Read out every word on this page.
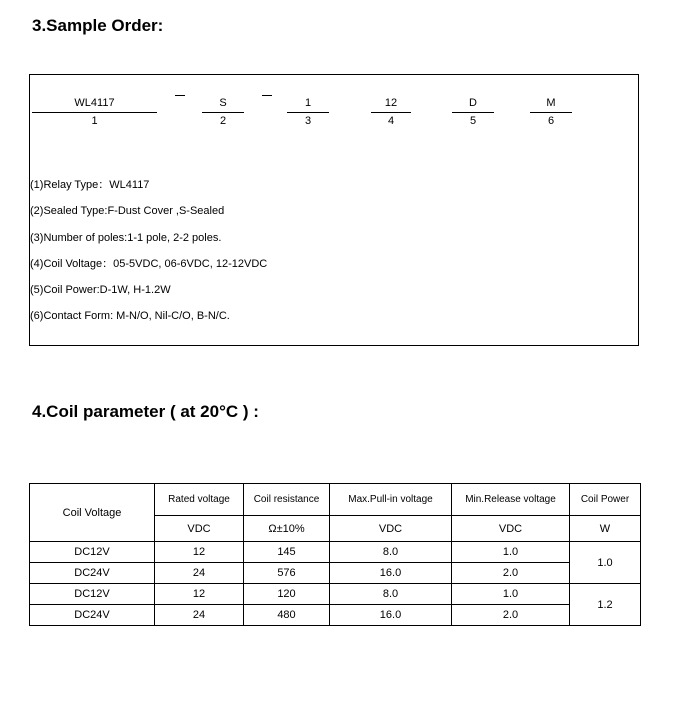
3.Sample Order:
WL4117
1
S
2
1
3
12
4
D
5
M
6
(1)Relay Type：WL4117
(2)Sealed Type:F-Dust Cover ,S-Sealed
(3)Number of poles:1-1 pole, 2-2 poles.
(4)Coil Voltage：05-5VDC, 06-6VDC, 12-12VDC
(5)Coil Power:D-1W, H-1.2W
(6)Contact Form: M-N/O, Nil-C/O, B-N/C.
4.Coil parameter ( at 20°C ) :
Coil Voltage	Rated voltage	Coil resistance	Max.Pull-in voltage	Min.Release voltage	Coil Power
	VDC	Ω±10%	VDC	VDC	W
DC12V	12	145	8.0	1.0	1.0
DC24V	24	576	16.0	2.0	
DC12V	12	120	8.0	1.0	1.2
DC24V	24	480	16.0	2.0	
